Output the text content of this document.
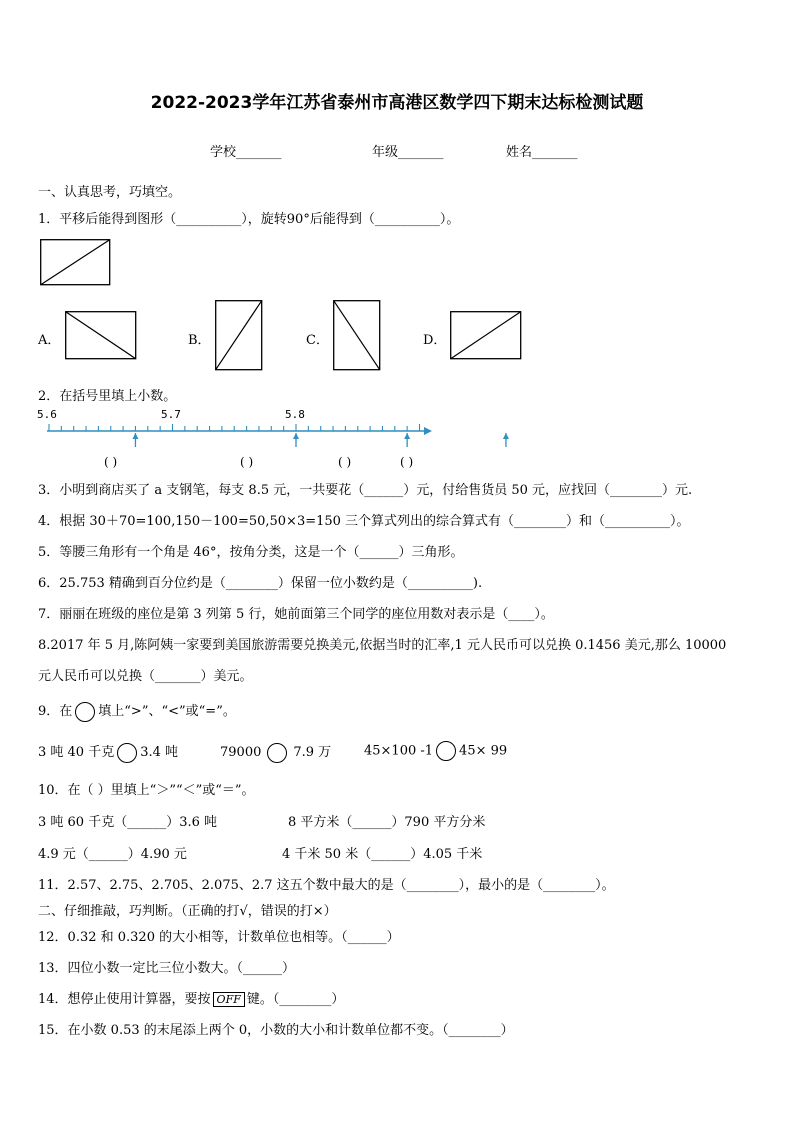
2022-2023学年江苏省泰州市高港区数学四下期末达标检测试题
学校_______	年级_______	姓名_______
一、认真思考，巧填空。
1．平移后能得到图形（__________），旋转90°后能得到（__________）。
A．	B．	C．	D．
2．在括号里填上小数。
5.6	5.7	5.8
( )	( )	( )	( )
3．小明到商店买了 a 支钢笔，每支 8.5 元，一共要花（______）元，付给售货员 50 元，应找回（________）元.
4．根据 30＋70=100,150－100=50,50×3=150 三个算式列出的综合算式有（________）和（__________）。
5．等腰三角形有一个角是 46°，按角分类，这是一个（______）三角形。
6．25.753 精确到百分位约是（________）保留一位小数约是（__________).
7．丽丽在班级的座位是第 3 列第 5 行，她前面第三个同学的座位用数对表示是（____）。
8.2017 年 5 月,陈阿姨一家要到美国旅游需要兑换美元,依据当时的汇率,1 元人民币可以兑换 0.1456 美元,那么 10000
元人民币可以兑换（_______）美元。
9．在 填上“>”、“<”或“=”。
3 吨 40 千克 3.4 吨	79000 7.9 万	45×100 -1 45× 99
10．在（ ）里填上“＞”“＜”或“＝”。
3 吨 60 千克（______）3.6 吨	8 平方米（______）790 平方分米
4.9 元（______）4.90 元	4 千米 50 米（______）4.05 千米
11．2.57、2.75、2.705、2.075、2.7 这五个数中最大的是（________），最小的是（________）。
二、仔细推敲，巧判断。（正确的打√，错误的打×）
12．0.32 和 0.320 的大小相等，计数单位也相等。（______）
13．四位小数一定比三位小数大。（______）
14．想停止使用计算器，要按 OFF 键。（________）
15．在小数 0.53 的末尾添上两个 0，小数的大小和计数单位都不变。（________）
